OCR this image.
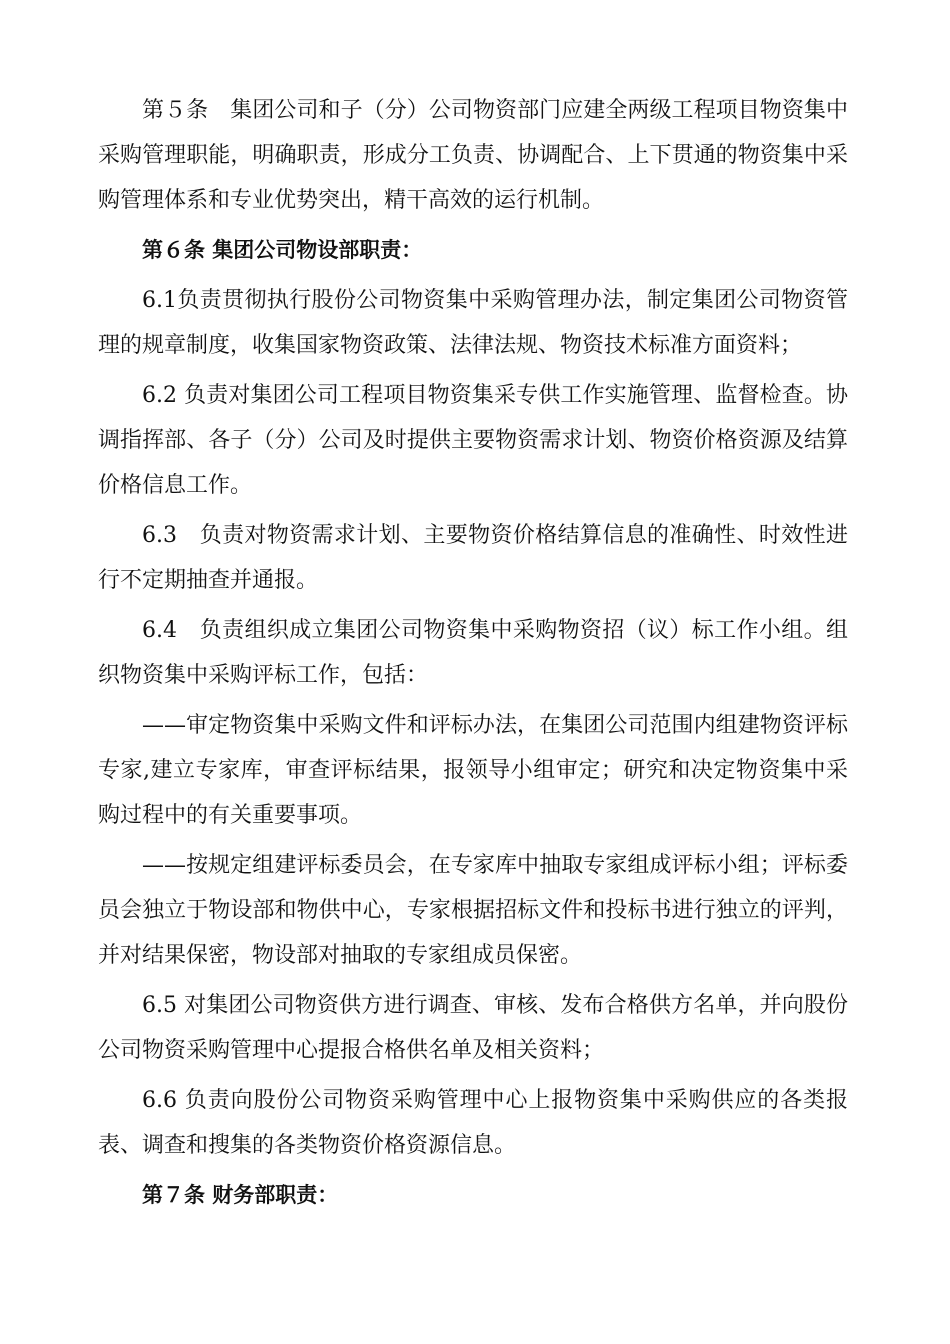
第５条　集团公司和子（分）公司物资部门应建全两级工程项目物资集中采购管理职能，明确职责，形成分工负责、协调配合、上下贯通的物资集中采购管理体系和专业优势突出，精干高效的运行机制。

第６条 集团公司物设部职责：

6.1负责贯彻执行股份公司物资集中采购管理办法，制定集团公司物资管理的规章制度，收集国家物资政策、法律法规、物资技术标准方面资料；

6.2 负责对集团公司工程项目物资集采专供工作实施管理、监督检查。协调指挥部、各子（分）公司及时提供主要物资需求计划、物资价格资源及结算价格信息工作。

6.3　负责对物资需求计划、主要物资价格结算信息的准确性、时效性进行不定期抽查并通报。

6.4　负责组织成立集团公司物资集中采购物资招（议）标工作小组。组织物资集中采购评标工作，包括：

——审定物资集中采购文件和评标办法，在集团公司范围内组建物资评标专家,建立专家库，审查评标结果，报领导小组审定；研究和决定物资集中采购过程中的有关重要事项。

——按规定组建评标委员会，在专家库中抽取专家组成评标小组；评标委员会独立于物设部和物供中心，专家根据招标文件和投标书进行独立的评判，并对结果保密，物设部对抽取的专家组成员保密。

6.5 对集团公司物资供方进行调查、审核、发布合格供方名单，并向股份公司物资采购管理中心提报合格供名单及相关资料；

6.6 负责向股份公司物资采购管理中心上报物资集中采购供应的各类报表、调查和搜集的各类物资价格资源信息。

第７条 财务部职责：
